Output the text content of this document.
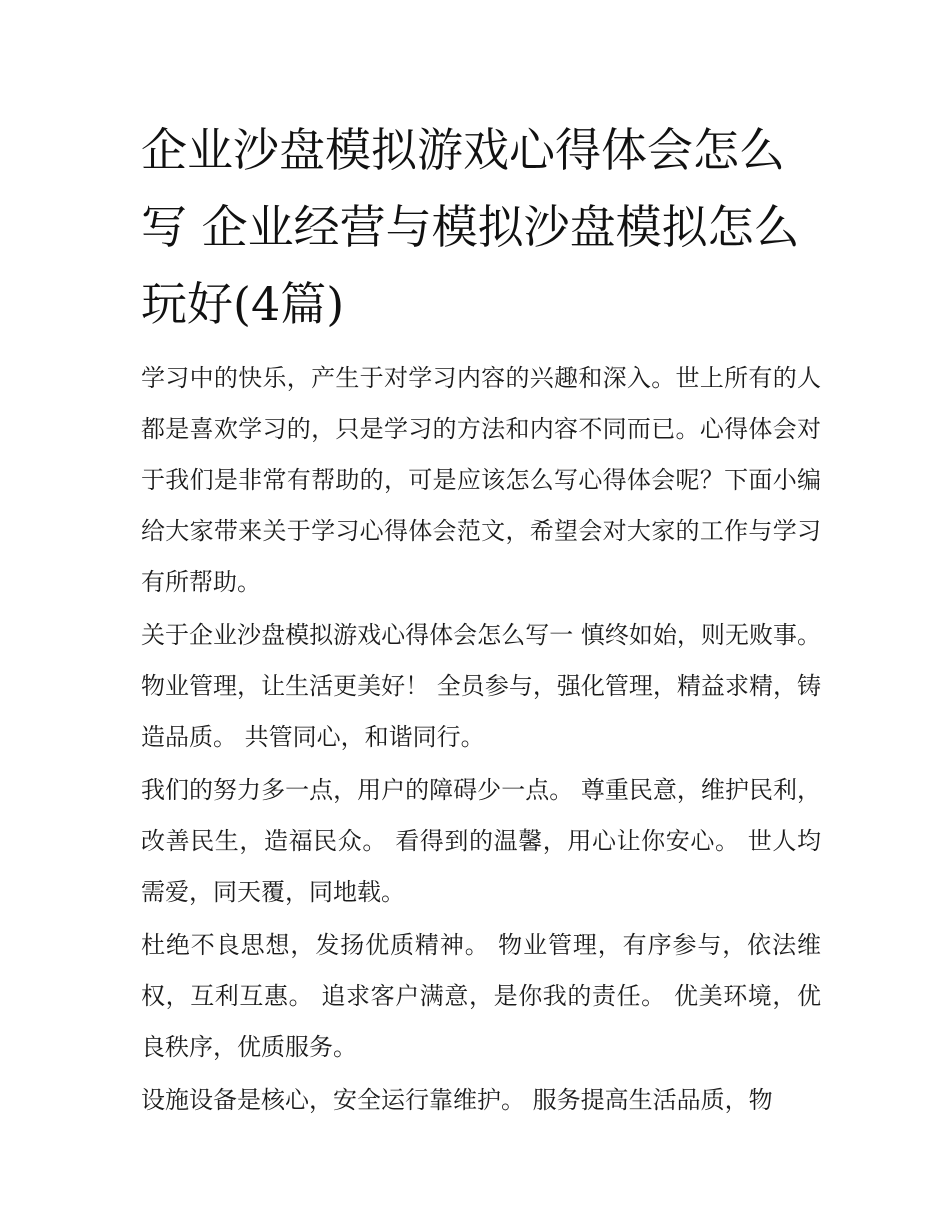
企业沙盘模拟游戏心得体会怎么写 企业经营与模拟沙盘模拟怎么玩好(4篇)

学习中的快乐，产生于对学习内容的兴趣和深入。世上所有的人都是喜欢学习的，只是学习的方法和内容不同而已。心得体会对于我们是非常有帮助的，可是应该怎么写心得体会呢？下面小编给大家带来关于学习心得体会范文，希望会对大家的工作与学习有所帮助。

关于企业沙盘模拟游戏心得体会怎么写一 慎终如始，则无败事。 物业管理，让生活更美好！ 全员参与，强化管理，精益求精，铸造品质。 共管同心，和谐同行。

我们的努力多一点，用户的障碍少一点。 尊重民意，维护民利，改善民生，造福民众。 看得到的温馨，用心让你安心。 世人均需爱，同天覆，同地载。

杜绝不良思想，发扬优质精神。 物业管理，有序参与，依法维权，互利互惠。 追求客户满意，是你我的责任。 优美环境，优良秩序，优质服务。

设施设备是核心，安全运行靠维护。 服务提高生活品质，物
